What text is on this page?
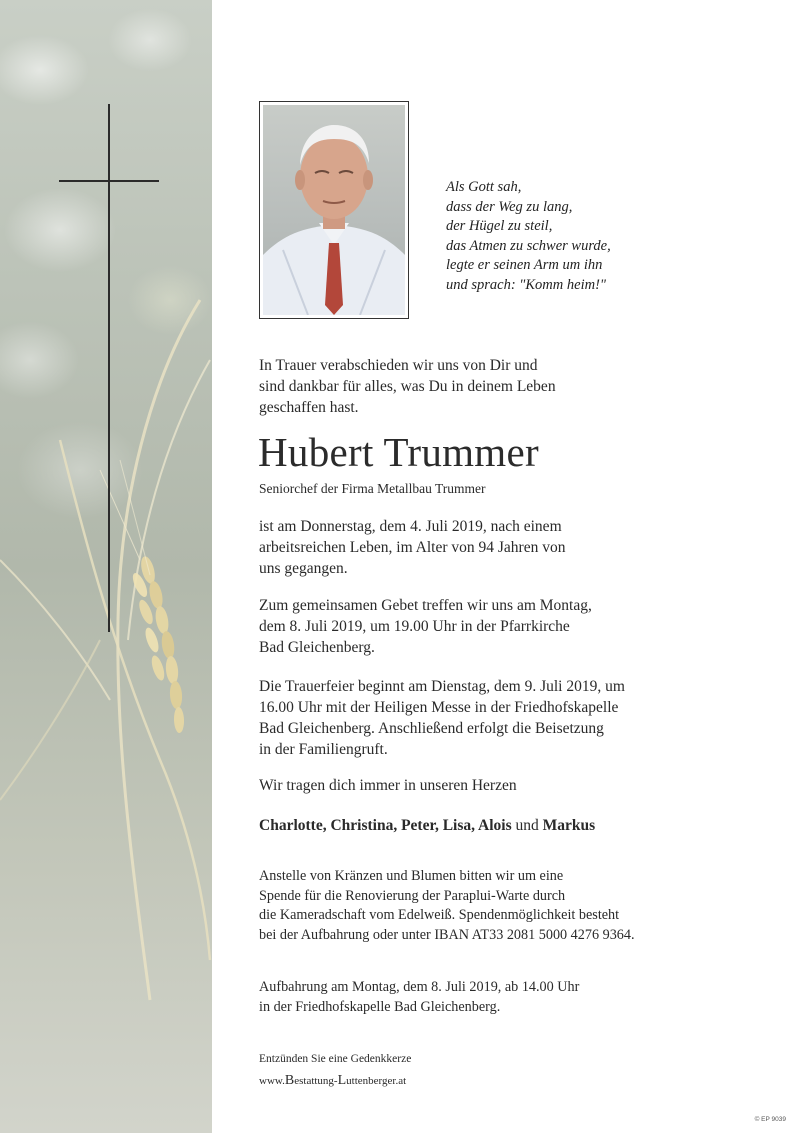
Als Gott sah,
dass der Weg zu lang,
der Hügel zu steil,
das Atmen zu schwer wurde,
legte er seinen Arm um ihn
und sprach: "Komm heim!"
In Trauer verabschieden wir uns von Dir und
sind dankbar für alles, was Du in deinem Leben
geschaffen hast.
Hubert Trummer
Seniorchef der Firma Metallbau Trummer
ist am Donnerstag, dem 4. Juli 2019, nach einem
arbeitsreichen Leben, im Alter von 94 Jahren von
uns gegangen.
Zum gemeinsamen Gebet treffen wir uns am Montag,
dem 8. Juli 2019, um 19.00 Uhr in der Pfarrkirche
Bad Gleichenberg.
Die Trauerfeier beginnt am Dienstag, dem 9. Juli 2019, um
16.00 Uhr mit der Heiligen Messe in der Friedhofskapelle
Bad Gleichenberg. Anschließend erfolgt die Beisetzung
in der Familiengruft.
Wir tragen dich immer in unseren Herzen
Charlotte, Christina, Peter, Lisa, Alois und Markus
Anstelle von Kränzen und Blumen bitten wir um eine
Spende für die Renovierung der Paraplui-Warte durch
die Kameradschaft vom Edelweiß. Spendenmöglichkeit besteht
bei der Aufbahrung oder unter IBAN AT33 2081 5000 4276 9364.
Aufbahrung am Montag, dem 8. Juli 2019, ab 14.00 Uhr
in der Friedhofskapelle Bad Gleichenberg.
Entzünden Sie eine Gedenkkerze
www.Bestattung-Luttenberger.at
© EP 9039
